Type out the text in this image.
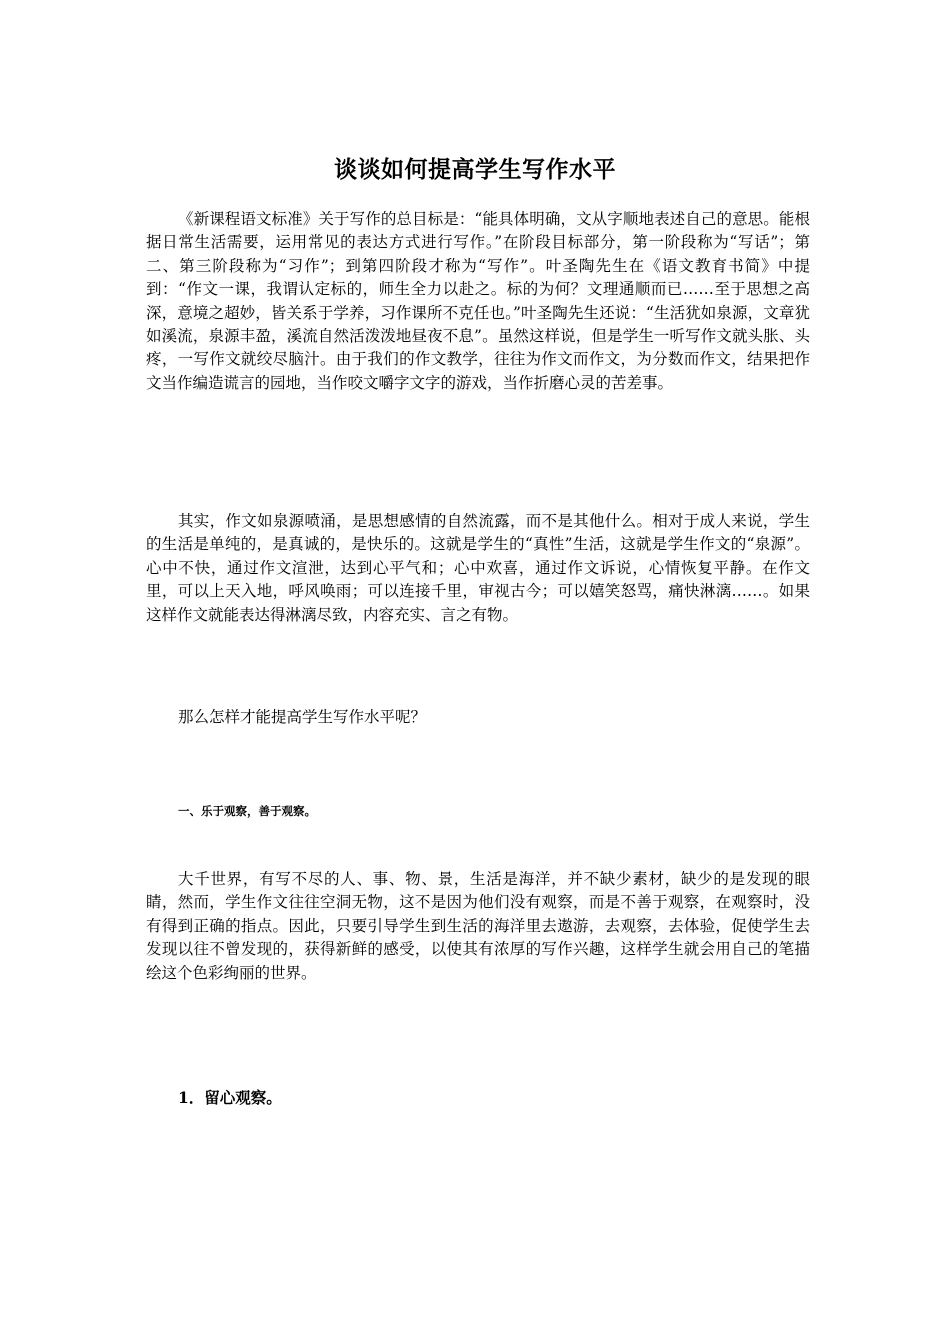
谈谈如何提高学生写作水平

《新课程语文标准》关于写作的总目标是：“能具体明确，文从字顺地表述自己的意思。能根据日常生活需要，运用常见的表达方式进行写作。”在阶段目标部分，第一阶段称为“写话”；第二、第三阶段称为“习作”；到第四阶段才称为“写作”。叶圣陶先生在《语文教育书简》中提到：“作文一课，我谓认定标的，师生全力以赴之。标的为何？文理通顺而已……至于思想之高深，意境之超妙，皆关系于学养，习作课所不克任也。”叶圣陶先生还说：“生活犹如泉源，文章犹如溪流，泉源丰盈，溪流自然活泼泼地昼夜不息”。虽然这样说，但是学生一听写作文就头胀、头疼，一写作文就绞尽脑汁。由于我们的作文教学，往往为作文而作文，为分数而作文，结果把作文当作编造谎言的园地，当作咬文嚼字文字的游戏，当作折磨心灵的苦差事。

其实，作文如泉源喷涌，是思想感情的自然流露，而不是其他什么。相对于成人来说，学生的生活是单纯的，是真诚的，是快乐的。这就是学生的“真性”生活，这就是学生作文的“泉源”。心中不快，通过作文渲泄，达到心平气和；心中欢喜，通过作文诉说，心情恢复平静。在作文里，可以上天入地，呼风唤雨；可以连接千里，审视古今；可以嬉笑怒骂，痛快淋漓……。如果这样作文就能表达得淋漓尽致，内容充实、言之有物。

那么怎样才能提高学生写作水平呢？

一、乐于观察，善于观察。

大千世界，有写不尽的人、事、物、景，生活是海洋，并不缺少素材，缺少的是发现的眼睛，然而，学生作文往往空洞无物，这不是因为他们没有观察，而是不善于观察，在观察时，没有得到正确的指点。因此，只要引导学生到生活的海洋里去遨游，去观察，去体验，促使学生去发现以往不曾发现的，获得新鲜的感受，以使其有浓厚的写作兴趣，这样学生就会用自己的笔描绘这个色彩绚丽的世界。

1．留心观察。
